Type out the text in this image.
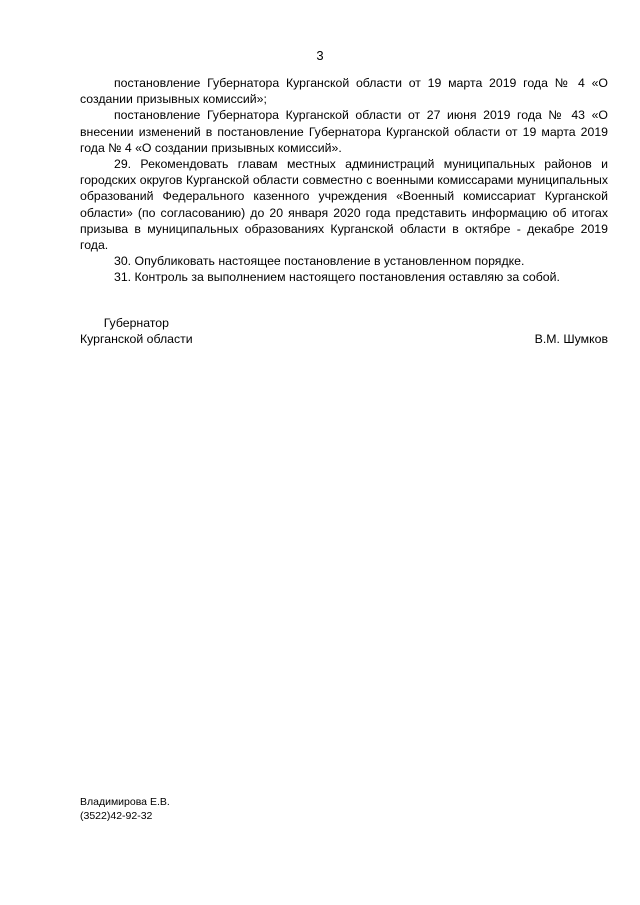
3

постановление Губернатора Курганской области от 19 марта 2019 года № 4 «О создании призывных комиссий»;

постановление Губернатора Курганской области от 27 июня 2019 года № 43 «О внесении изменений в постановление Губернатора Курганской области от 19 марта 2019 года № 4 «О создании призывных комиссий».

29. Рекомендовать главам местных администраций муниципальных районов и городских округов Курганской области совместно с военными комиссарами муниципальных образований Федерального казенного учреждения «Военный комиссариат Курганской области» (по согласованию) до 20 января 2020 года представить информацию об итогах призыва в муниципальных образованиях Курганской области в октябре - декабре 2019 года.

30. Опубликовать настоящее постановление в установленном порядке.

31. Контроль за выполнением настоящего постановления оставляю за собой.

Губернатор
Курганской области	В.М. Шумков
Владимирова Е.В.
(3522)42-92-32
